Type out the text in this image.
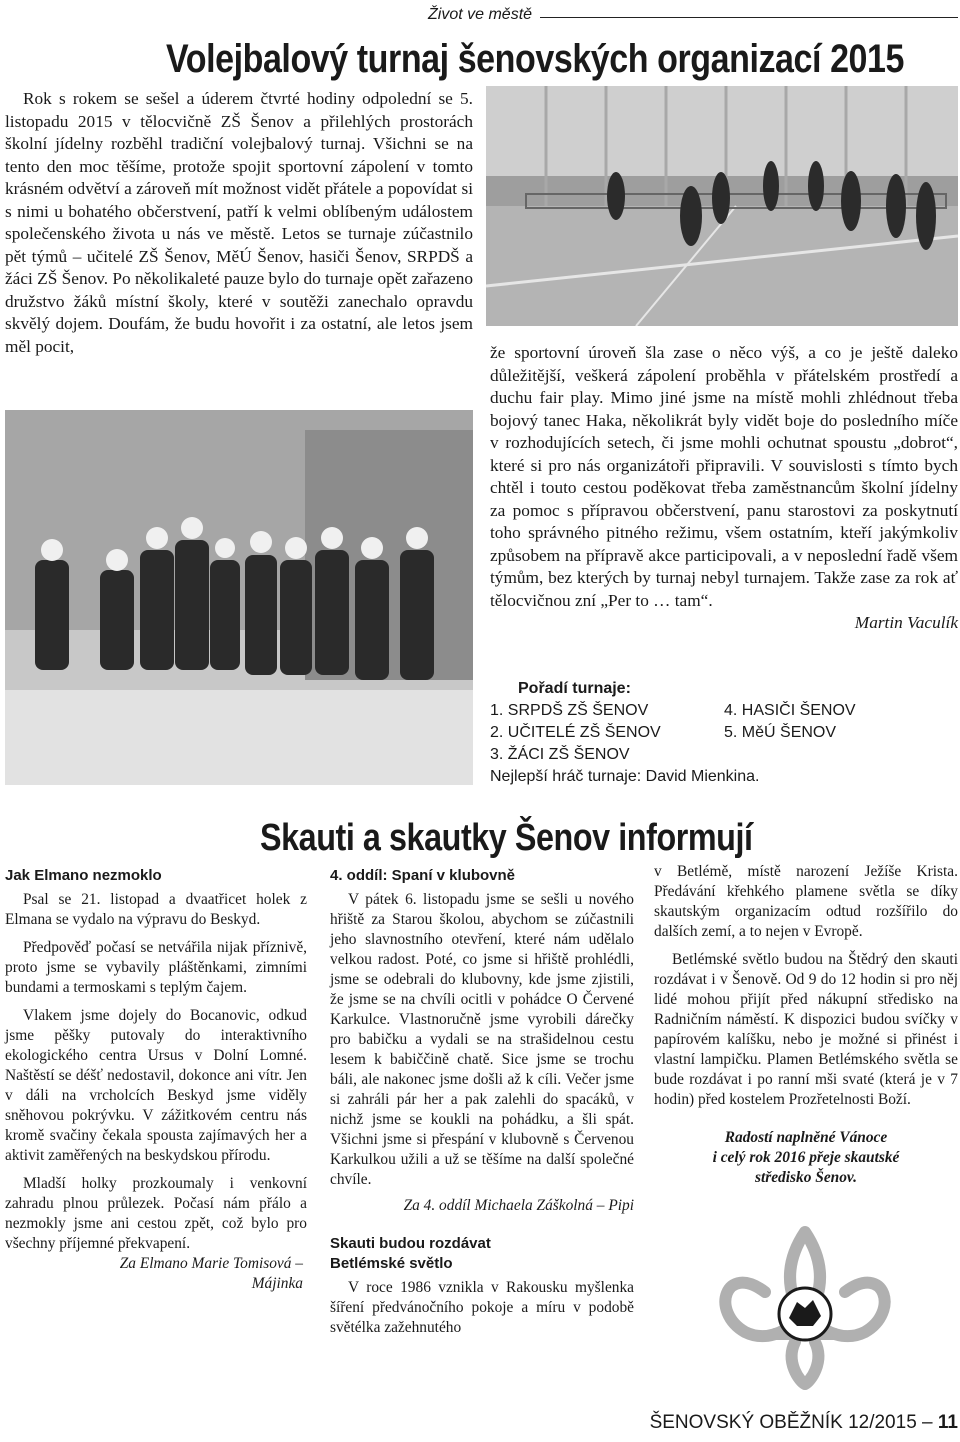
Život ve městě
Volejbalový turnaj šenovských organizací 2015

Rok s rokem se sešel a úderem čtvrté hodiny odpolední se 5. listopadu 2015 v tělocvičně ZŠ Šenov a přilehlých prostorách školní jídelny rozběhl tradiční volejbalový turnaj. Všichni se na tento den moc těšíme, protože spojit sportovní zápolení v tomto krásném odvětví a zároveň mít možnost vidět přátele a popovídat si s nimi u bohatého občerstvení, patří k velmi oblíbeným událostem společenského života u nás ve městě. Letos se turnaje zúčastnilo pět týmů – učitelé ZŠ Šenov, MěÚ Šenov, hasiči Šenov, SRPDŠ a žáci ZŠ Šenov. Po několikaleté pauze bylo do turnaje opět zařazeno družstvo žáků místní školy, které v soutěži zanechalo opravdu skvělý dojem. Doufám, že budu hovořit i za ostatní, ale letos jsem měl pocit,	že sportovní úroveň šla zase o něco výš, a co je ještě daleko důležitější, veškerá zápolení proběhla v přátelském prostředí a duchu fair play. Mimo jiné jsme na místě mohli zhlédnout třeba bojový tanec Haka, několikrát byly vidět boje do posledního míče v rozhodujících setech, či jsme mohli ochutnat spoustu „dobrot“, které si pro nás organizátoři připravili. V souvislosti s tímto bych chtěl i touto cestou poděkovat třeba zaměstnancům školní jídelny za pomoc s přípravou občerstvení, panu starostovi za poskytnutí toho správného pitného režimu, všem ostatním, kteří jakýmkoliv způsobem na přípravě akce participovali, a v neposlední řadě všem týmům, bez kterých by turnaj nebyl turnajem. Takže zase za rok ať tělocvičnou zní „Per to … tam“.

Martin Vaculík

Pořadí turnaje:
1. SRPDŠ ZŠ ŠENOV	4. HASIČI ŠENOV
2. UČITELÉ ZŠ ŠENOV	5. MěÚ ŠENOV
3. ŽÁCI ZŠ ŠENOV
Nejlepší hráč turnaje: David Mienkina.
Skauti a skautky Šenov informují
Jak Elmano nezmoklo

Psal se 21. listopad a dvaatřicet holek z Elmana se vydalo na výpravu do Beskyd.

Předpověď počasí se netvářila nijak příznivě, proto jsme se vybavily pláštěnkami, zimními bundami a termoskami s teplým čajem.

Vlakem jsme dojely do Bocanovic, odkud jsme pěšky putovaly do interaktivního ekologického centra Ursus v Dolní Lomné. Naštěstí se déšť nedostavil, dokonce ani vítr. Jen v dáli na vrcholcích Beskyd jsme viděly sněhovou pokrývku. V zážitkovém centru nás kromě svačiny čekala spousta zajímavých her a aktivit zaměřených na beskydskou přírodu.

Mladší holky prozkoumaly i venkovní zahradu plnou průlezek. Počasí nám přálo a nezmokly jsme ani cestou zpět, což bylo pro všechny příjemné překvapení.

Za Elmano Marie Tomisová –

Májinka

4. oddíl: Spaní v klubovně

V pátek 6. listopadu jsme se sešli u nového hřiště za Starou školou, abychom se zúčastnili jeho slavnostního otevření, které nám udělalo velkou radost. Poté, co jsme si hřiště prohlédli, jsme se odebrali do klubovny, kde jsme zjistili, že jsme se na chvíli ocitli v pohádce O Červené Karkulce. Vlastnoručně jsme vyrobili dárečky pro babičku a vydali se na strašidelnou cestu lesem k babiččině chatě. Sice jsme se trochu báli, ale nakonec jsme došli až k cíli. Večer jsme si zahráli pár her a pak zalehli do spacáků, v nichž jsme se koukli na pohádku, a šli spát. Všichni jsme si přespání v klubovně s Červenou Karkulkou užili a už se těšíme na další společné chvíle.

Za 4. oddíl Michaela Záškolná – Pipi

Skauti budou rozdávat
Betlémské světlo

V roce 1986 vznikla v Rakousku myšlenka šíření předvánočního pokoje a míru v podobě světélka zažehnutého

v Betlémě, místě narození Ježíše Krista. Předávání křehkého plamene světla se díky skautským organizacím odtud rozšířilo do dalších zemí, a to nejen v Evropě.

Betlémské světlo budou na Štědrý den skauti rozdávat i v Šenově. Od 9 do 12 hodin si pro něj lidé mohou přijít před nákupní středisko na Radničním náměstí. K dispozici budou svíčky v papírovém kalíšku, nebo je možné si přinést i vlastní lampičku. Plamen Betlémského světla se bude rozdávat i po ranní mši svaté (která je v 7 hodin) před kostelem Prozřetelnosti Boží.

Radostí naplněné Vánoce
i celý rok 2016 přeje skautské
středisko Šenov.
ŠENOVSKÝ OBĚŽNÍK 12/2015 – 11
